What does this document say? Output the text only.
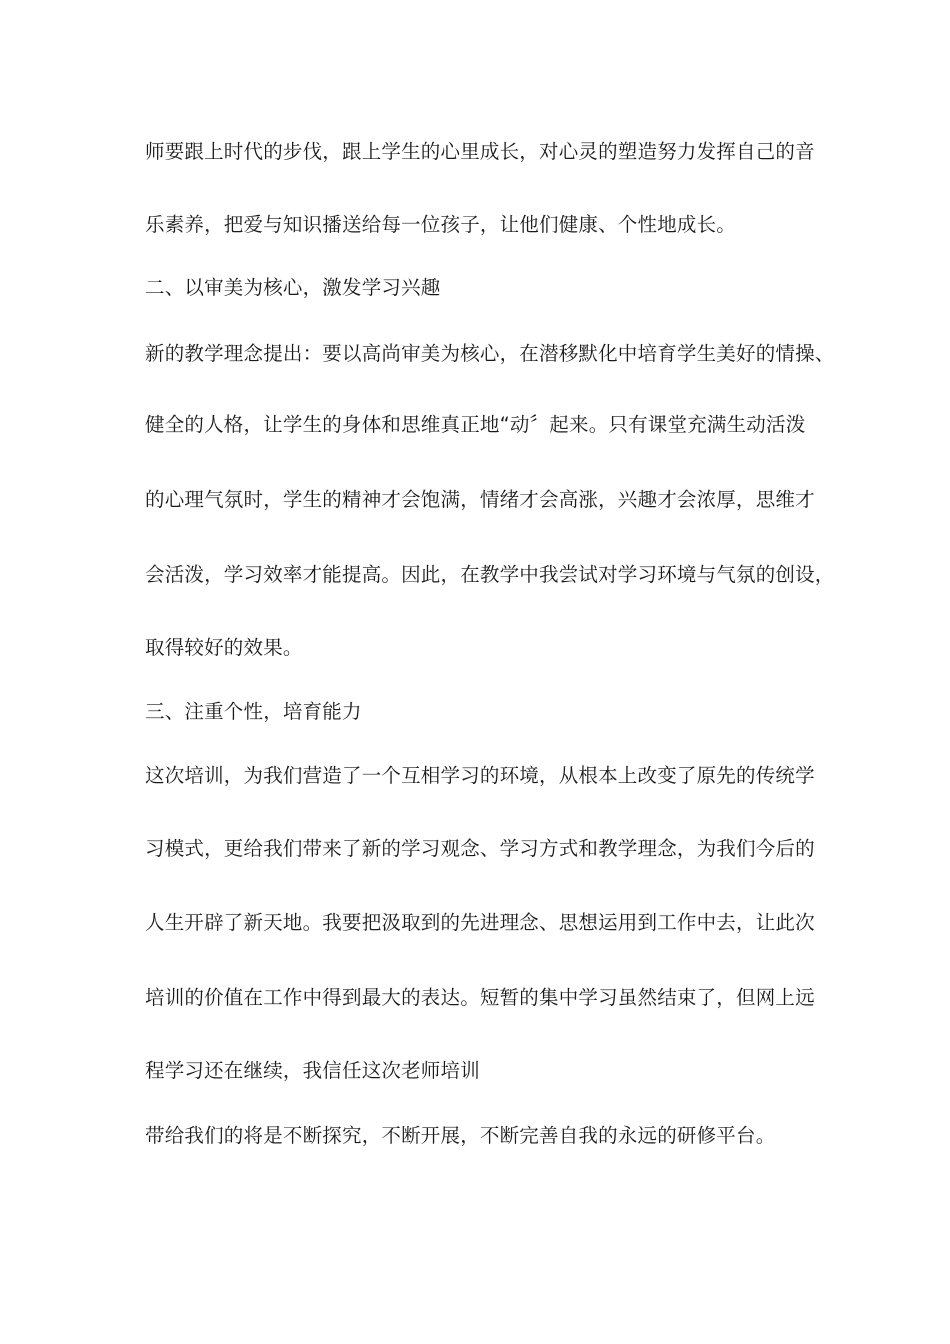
师要跟上时代的步伐，跟上学生的心里成长，对心灵的塑造努力发挥自己的音
乐素养，把爱与知识播送给每一位孩子，让他们健康、个性地成长。
二、以审美为核心，激发学习兴趣
新的教学理念提出：要以高尚审美为核心，在潜移默化中培育学生美好的情操、
健全的人格，让学生的身体和思维真正地“动〞起来。只有课堂充满生动活泼
的心理气氛时，学生的精神才会饱满，情绪才会高涨，兴趣才会浓厚，思维才
会活泼，学习效率才能提高。因此，在教学中我尝试对学习环境与气氛的创设，
取得较好的效果。
三、注重个性，培育能力
这次培训，为我们营造了一个互相学习的环境，从根本上改变了原先的传统学
习模式，更给我们带来了新的学习观念、学习方式和教学理念，为我们今后的
人生开辟了新天地。我要把汲取到的先进理念、思想运用到工作中去，让此次
培训的价值在工作中得到最大的表达。短暂的集中学习虽然结束了，但网上远
程学习还在继续，我信任这次老师培训
带给我们的将是不断探究，不断开展，不断完善自我的永远的研修平台。
